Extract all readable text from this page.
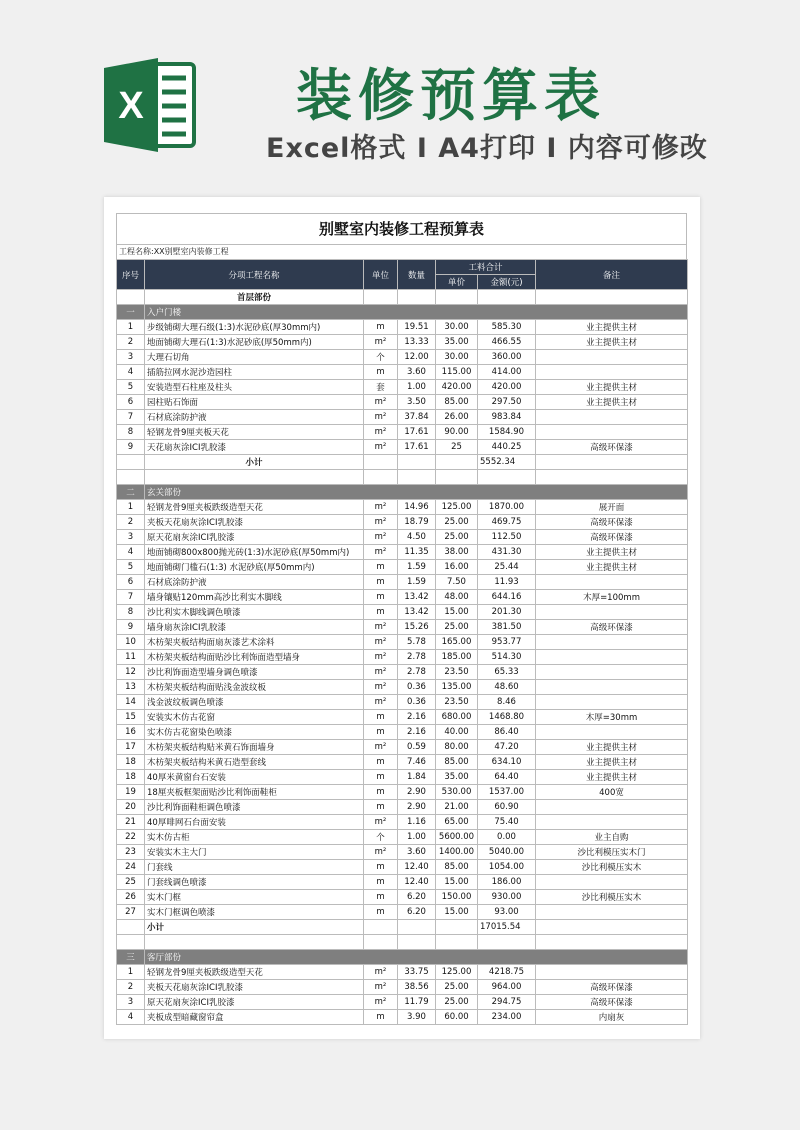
X	装修预算表
Excel格式 I A4打印 I 内容可修改
别墅室内装修工程预算表
工程名称:XX别墅室内装修工程
序号	分项工程名称	单位	数量	工料合计		备注
				单价	金额(元)	
	首层部份					
一	入户门楼					
1	步级铺砌大理石级(1:3)水泥砂底(厚30mm内)	m	19.51	30.00	585.30	业主提供主材
2	地面铺砌大理石(1:3)水泥砂底(厚50mm内)	m²	13.33	35.00	466.55	业主提供主材
3	大理石切角	个	12.00	30.00	360.00	
4	插筋拉网水泥沙造园柱	m	3.60	115.00	414.00	
5	安装造型石柱座及柱头	套	1.00	420.00	420.00	业主提供主材
6	园柱贴石饰面	m²	3.50	85.00	297.50	业主提供主材
7	石材底涂防护液	m²	37.84	26.00	983.84	
8	轻钢龙骨9厘夹板天花	m²	17.61	90.00	1584.90	
9	天花扇灰涂ICI乳胶漆	m²	17.61	25	440.25	高级环保漆
	小计				5552.34	

二	玄关部份					
1	轻钢龙骨9厘夹板跌级造型天花	m²	14.96	125.00	1870.00	展开面
2	夹板天花扇灰涂ICI乳胶漆	m²	18.79	25.00	469.75	高级环保漆
3	原天花扇灰涂ICI乳胶漆	m²	4.50	25.00	112.50	高级环保漆
4	地面铺砌800x800抛光砖(1:3)水泥砂底(厚50mm内)	m²	11.35	38.00	431.30	业主提供主材
5	地面铺砌门槛石(1:3) 水泥砂底(厚50mm内)	m	1.59	16.00	25.44	业主提供主材
6	石材底涂防护液	m	1.59	7.50	11.93	
7	墙身镶贴120mm高沙比利实木脚线	m	13.42	48.00	644.16	木厚=100mm
8	沙比利实木脚线调色喷漆	m	13.42	15.00	201.30	
9	墙身扇灰涂ICI乳胶漆	m²	15.26	25.00	381.50	高级环保漆
10	木枋架夹板结构面扇灰漆艺术涂料	m²	5.78	165.00	953.77	
11	木枋架夹板结构面贴沙比利饰面造型墙身	m²	2.78	185.00	514.30	
12	沙比利饰面造型墙身调色喷漆	m²	2.78	23.50	65.33	
13	木枋架夹板结构面贴浅金波纹板	m²	0.36	135.00	48.60	
14	浅金波纹板调色喷漆	m²	0.36	23.50	8.46	
15	安装实木仿古花窗	m	2.16	680.00	1468.80	木厚=30mm
16	实木仿古花窗染色喷漆	m	2.16	40.00	86.40	
17	木枋架夹板结构贴米黄石饰面墙身	m²	0.59	80.00	47.20	业主提供主材
18	木枋架夹板结构米黄石造型套线	m	7.46	85.00	634.10	业主提供主材
18	40厚米黄窗台石安装	m	1.84	35.00	64.40	业主提供主材
19	18厘夹板框架面贴沙比利饰面鞋柜	m	2.90	530.00	1537.00	400宽
20	沙比利饰面鞋柜调色喷漆	m	2.90	21.00	60.90	
21	40厚啡网石台面安装	m²	1.16	65.00	75.40	
22	实木仿古柜	个	1.00	5600.00	0.00	业主自购
23	安装实木主大门	m²	3.60	1400.00	5040.00	沙比利模压实木门
24	门套线	m	12.40	85.00	1054.00	沙比利模压实木
25	门套线调色喷漆	m	12.40	15.00	186.00	
26	实木门框	m	6.20	150.00	930.00	沙比利模压实木
27	实木门框调色喷漆	m	6.20	15.00	93.00	
	小计				17015.54	

三	客厅部份					
1	轻钢龙骨9厘夹板跌级造型天花	m²	33.75	125.00	4218.75	
2	夹板天花扇灰涂ICI乳胶漆	m²	38.56	25.00	964.00	高级环保漆
3	原天花扇灰涂ICI乳胶漆	m²	11.79	25.00	294.75	高级环保漆
4	夹板成型暗藏窗帘盒	m	3.90	60.00	234.00	内扇灰
